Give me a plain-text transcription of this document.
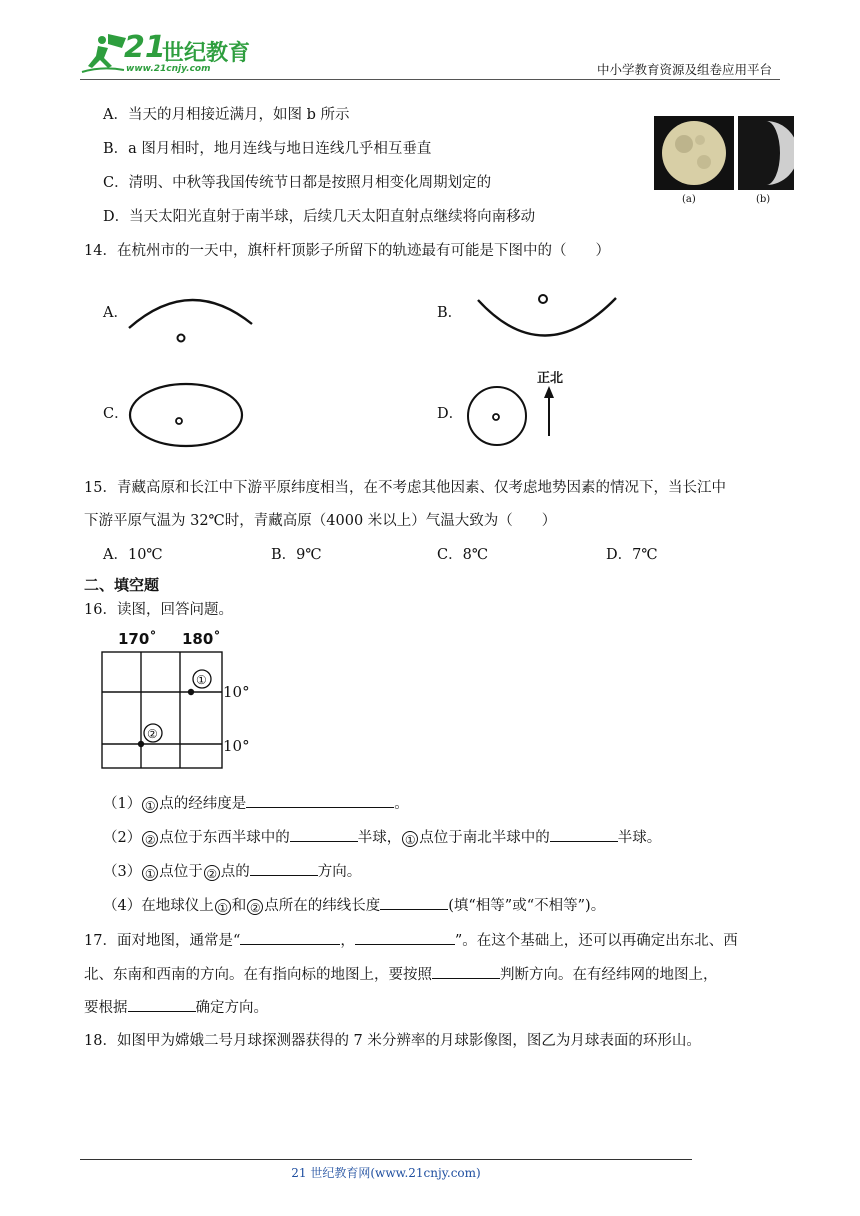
21
世纪教育
www.21cnjy.com	中小学教育资源及组卷应用平台
A．当天的月相接近满月，如图 b 所示
B．a 图月相时，地月连线与地日连线几乎相互垂直
C．清明、中秋等我国传统节日都是按照月相变化周期划定的
D．当天太阳光直射于南半球，后续几天太阳直射点继续将向南移动
(a)	(b)
14．在杭州市的一天中，旗杆杆顶影子所留下的轨迹最有可能是下图中的（　　）
A．	B．
C．	D．
正北
15．青藏高原和长江中下游平原纬度相当，在不考虑其他因素、仅考虑地势因素的情况下，当长江中
下游平原气温为 32℃时，青藏高原（4000 米以上）气温大致为（　　）
A．10℃	B．9℃	C．8℃	D．7℃
二、填空题
16．读图，回答问题。
170˚ 180˚
①
②
10°
10°
（1） ① 点的经纬度是	。
（2） ② 点位于东西半球中的	半球， ① 点位于南北半球中的	半球。
（3） ① 点位于 ② 点的	方向。
（4）在地球仪上 ① 和 ② 点所在的纬线长度	(填“相等”或“不相等”)。
17．面对地图，通常是“	，	”。在这个基础上，还可以再确定出东北、西
北、东南和西南的方向。在有指向标的地图上，要按照	判断方向。在有经纬网的地图上，
要根据	确定方向。
18．如图甲为嫦娥二号月球探测器获得的 7 米分辨率的月球影像图，图乙为月球表面的环形山。
21 世纪教育网(www.21cnjy.com)
